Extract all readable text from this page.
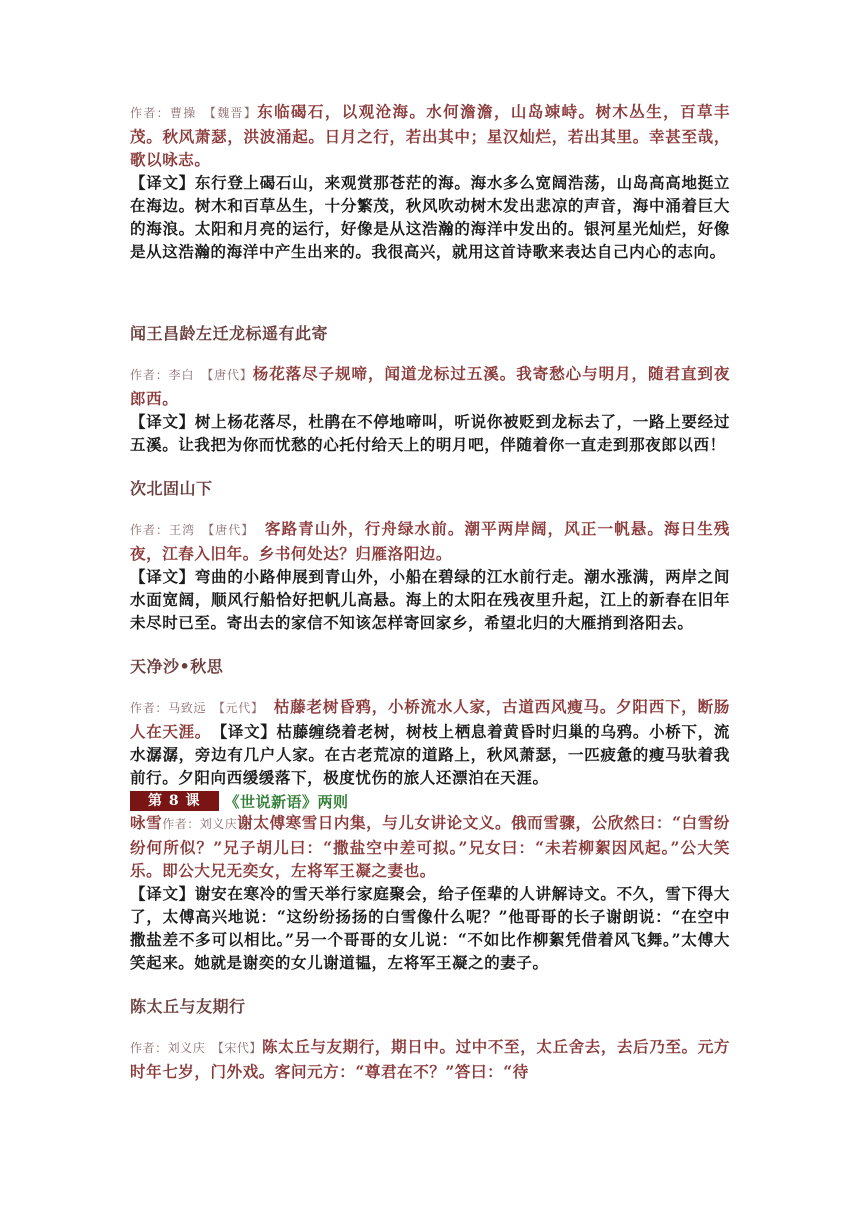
作者：曹操　【魏晋】东临碣石，以观沧海。水何澹澹，山岛竦峙。树木丛生，百草丰茂。秋风萧瑟，洪波涌起。日月之行，若出其中；星汉灿烂，若出其里。幸甚至哉，歌以咏志。
【译文】东行登上碣石山，来观赏那苍茫的海。海水多么宽阔浩荡，山岛高高地挺立在海边。树木和百草丛生，十分繁茂，秋风吹动树木发出悲凉的声音，海中涌着巨大的海浪。太阳和月亮的运行，好像是从这浩瀚的海洋中发出的。银河星光灿烂，好像是从这浩瀚的海洋中产生出来的。我很高兴，就用这首诗歌来表达自己内心的志向。
闻王昌龄左迁龙标遥有此寄
作者：李白　【唐代】杨花落尽子规啼，闻道龙标过五溪。我寄愁心与明月，随君直到夜郎西。
【译文】树上杨花落尽，杜鹃在不停地啼叫，听说你被贬到龙标去了，一路上要经过五溪。让我把为你而忧愁的心托付给天上的明月吧，伴随着你一直走到那夜郎以西！
次北固山下
作者：王湾　【唐代】　客路青山外，行舟绿水前。潮平两岸阔，风正一帆悬。海日生残夜，江春入旧年。乡书何处达？归雁洛阳边。
【译文】弯曲的小路伸展到青山外，小船在碧绿的江水前行走。潮水涨满，两岸之间水面宽阔，顺风行船恰好把帆儿高悬。海上的太阳在残夜里升起，江上的新春在旧年未尽时已至。寄出去的家信不知该怎样寄回家乡，希望北归的大雁捎到洛阳去。
天净沙•秋思
作者：马致远　【元代】　枯藤老树昏鸦，小桥流水人家，古道西风瘦马。夕阳西下，断肠人在天涯。　【译文】枯藤缠绕着老树，树枝上栖息着黄昏时归巢的乌鸦。小桥下，流水潺潺，旁边有几户人家。在古老荒凉的道路上，秋风萧瑟，一匹疲惫的瘦马驮着我前行。夕阳向西缓缓落下，极度忧伤的旅人还漂泊在天涯。
第 8 课	《世说新语》两则
咏雪作者：刘义庆谢太傅寒雪日内集，与儿女讲论文义。俄而雪骤，公欣然曰：“白雪纷纷何所似？”兄子胡儿曰：“撒盐空中差可拟。”兄女曰：“未若柳絮因风起。”公大笑乐。即公大兄无奕女，左将军王凝之妻也。
【译文】谢安在寒冷的雪天举行家庭聚会，给子侄辈的人讲解诗文。不久，雪下得大了，太傅高兴地说：“这纷纷扬扬的白雪像什么呢？”他哥哥的长子谢朗说：“在空中撒盐差不多可以相比。”另一个哥哥的女儿说：“不如比作柳絮凭借着风飞舞。”太傅大笑起来。她就是谢奕的女儿谢道韫，左将军王凝之的妻子。
陈太丘与友期行
作者：刘义庆　【宋代】陈太丘与友期行，期日中。过中不至，太丘舍去，去后乃至。元方时年七岁，门外戏。客问元方：“尊君在不？”答曰：“待
